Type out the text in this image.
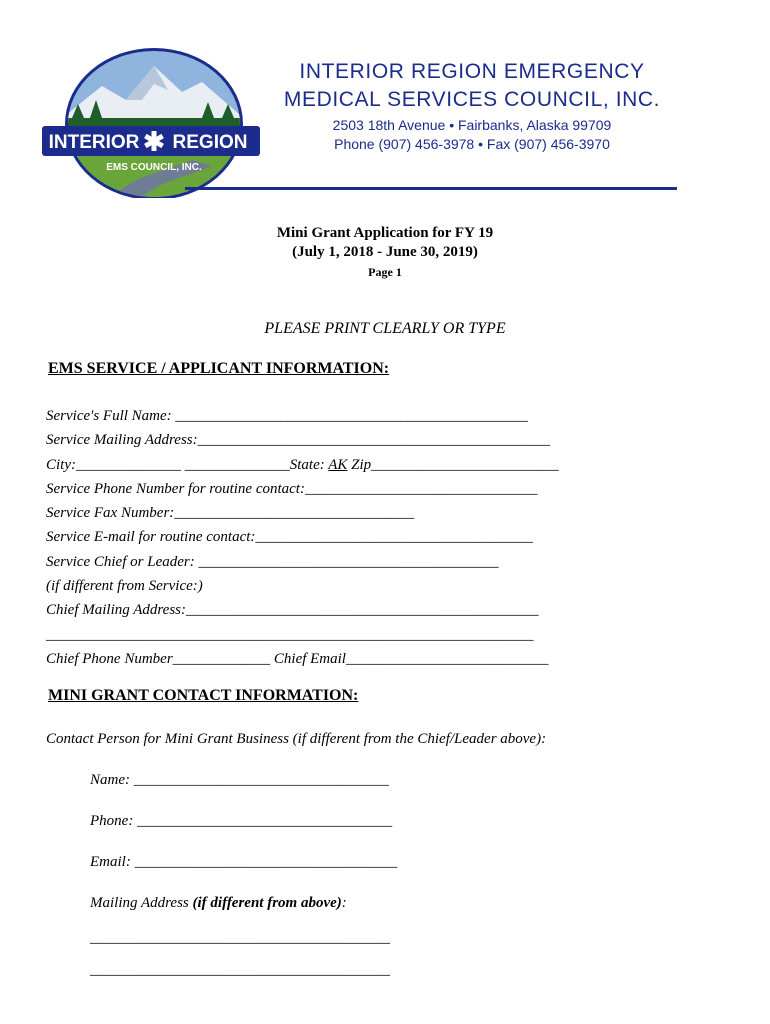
INTERIOR REGION
EMS COUNCIL, INC.
INTERIOR REGION EMERGENCY
MEDICAL SERVICES COUNCIL, INC.
2503 18th Avenue • Fairbanks, Alaska 99709
Phone (907) 456-3978 • Fax (907) 456-3970
Mini Grant Application for FY 19
(July 1, 2018 - June 30, 2019)
Page 1
PLEASE PRINT CLEARLY OR TYPE
EMS SERVICE / APPLICANT INFORMATION:
Service's Full Name: _______________________________________________
Service Mailing Address:_______________________________________________
City:______________ ______________State: AK Zip_________________________
Service Phone Number for routine contact:_______________________________
Service Fax Number:________________________________
Service E-mail for routine contact:_____________________________________
Service Chief or Leader: ________________________________________
(if different from Service:)
Chief Mailing Address:_______________________________________________
_________________________________________________________________
Chief Phone Number_____________ Chief Email___________________________
MINI GRANT CONTACT INFORMATION:
Contact Person for Mini Grant Business (if different from the Chief/Leader above):
Name: __________________________________
Phone: __________________________________
Email: ___________________________________
Mailing Address (if different from above):
________________________________________
________________________________________
